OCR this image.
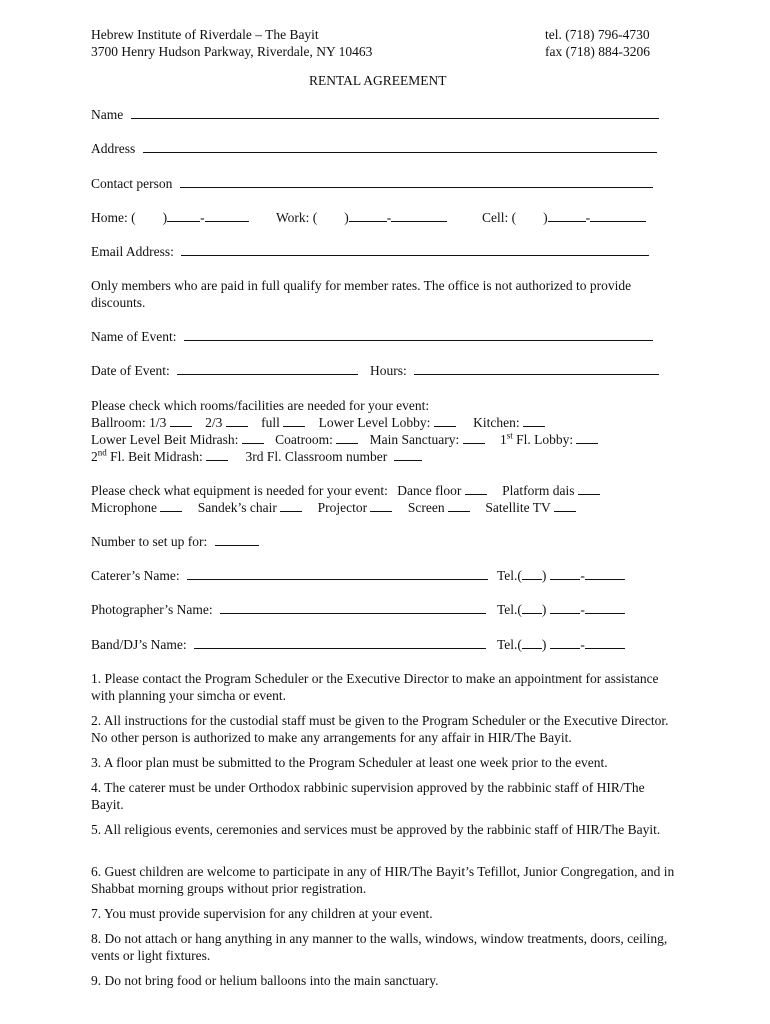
Hebrew Institute of Riverdale – The Bayit
3700 Henry Hudson Parkway, Riverdale, NY 10463
tel. (718) 796-4730
fax (718) 884-3206
RENTAL AGREEMENT
Name
Address
Contact person
Home: ( ) -	Work: ( )	-	Cell: ( )	-
Email Address:
Only members who are paid in full qualify for member rates. The office is not authorized to provide discounts.
Name of Event:
Date of Event:	Hours:
Please check which rooms/facilities are needed for your event:
Ballroom: 1/3	2/3	full	Lower Level Lobby:	Kitchen:
Lower Level Beit Midrash:	Coatroom:	Main Sanctuary:	1st Fl. Lobby:
2nd Fl. Beit Midrash:	3rd Fl. Classroom number
Please check what equipment is needed for your event: Dance floor	Platform dais
Microphone	Sandek’s chair	Projector	Screen	Satellite TV
Number to set up for:
Caterer’s Name:	Tel.( )	-
Photographer’s Name:	Tel.( )	-
Band/DJ’s Name:	Tel.( )	-
1. Please contact the Program Scheduler or the Executive Director to make an appointment for assistance with planning your simcha or event.
2. All instructions for the custodial staff must be given to the Program Scheduler or the Executive Director. No other person is authorized to make any arrangements for any affair in HIR/The Bayit.
3. A floor plan must be submitted to the Program Scheduler at least one week prior to the event.
4. The caterer must be under Orthodox rabbinic supervision approved by the rabbinic staff of HIR/The Bayit.
5. All religious events, ceremonies and services must be approved by the rabbinic staff of HIR/The Bayit.
6. Guest children are welcome to participate in any of HIR/The Bayit’s Tefillot, Junior Congregation, and in Shabbat morning groups without prior registration.
7. You must provide supervision for any children at your event.
8. Do not attach or hang anything in any manner to the walls, windows, window treatments, doors, ceiling, vents or light fixtures.
9. Do not bring food or helium balloons into the main sanctuary.
